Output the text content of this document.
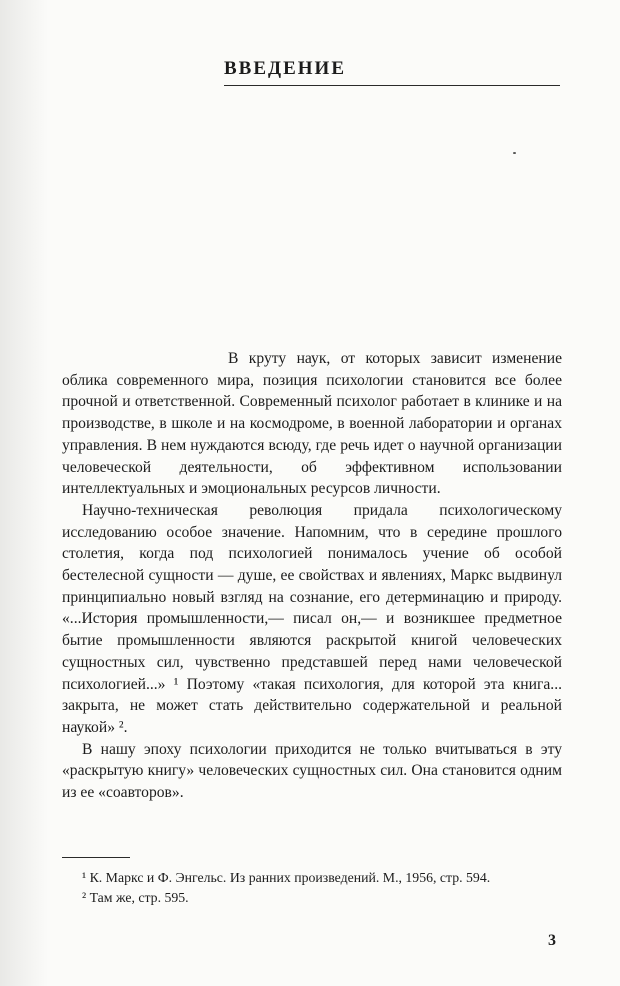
ВВЕДЕНИЕ

В круту наук, от которых зависит изменение облика современного мира, позиция психологии становится все более прочной и ответственной. Современный психолог работает в клинике и на производстве, в школе и на космодроме, в военной лаборатории и органах управления. В нем нуждаются всюду, где речь идет о научной организации человеческой деятельности, об эффективном использовании интеллектуальных и эмоциональных ресурсов личности.

Научно-техническая революция придала психологическому исследованию особое значение. Напомним, что в середине прошлого столетия, когда под психологией понималось учение об особой бестелесной сущности — душе, ее свойствах и явлениях, Маркс выдвинул принципиально новый взгляд на сознание, его детерминацию и природу. «...История промышленности,— писал он,— и возникшее предметное бытие промышленности являются раскрытой книгой человеческих сущностных сил, чувственно представшей перед нами человеческой психологией...» ¹ Поэтому «такая психология, для которой эта книга... закрыта, не может стать действительно содержательной и реальной наукой» ².

В нашу эпоху психологии приходится не только вчитываться в эту «раскрытую книгу» человеческих сущностных сил. Она становится одним из ее «соавторов».

¹ К. Маркс и Ф. Энгельс. Из ранних произведений. М., 1956, стр. 594.

² Там же, стр. 595.

3
